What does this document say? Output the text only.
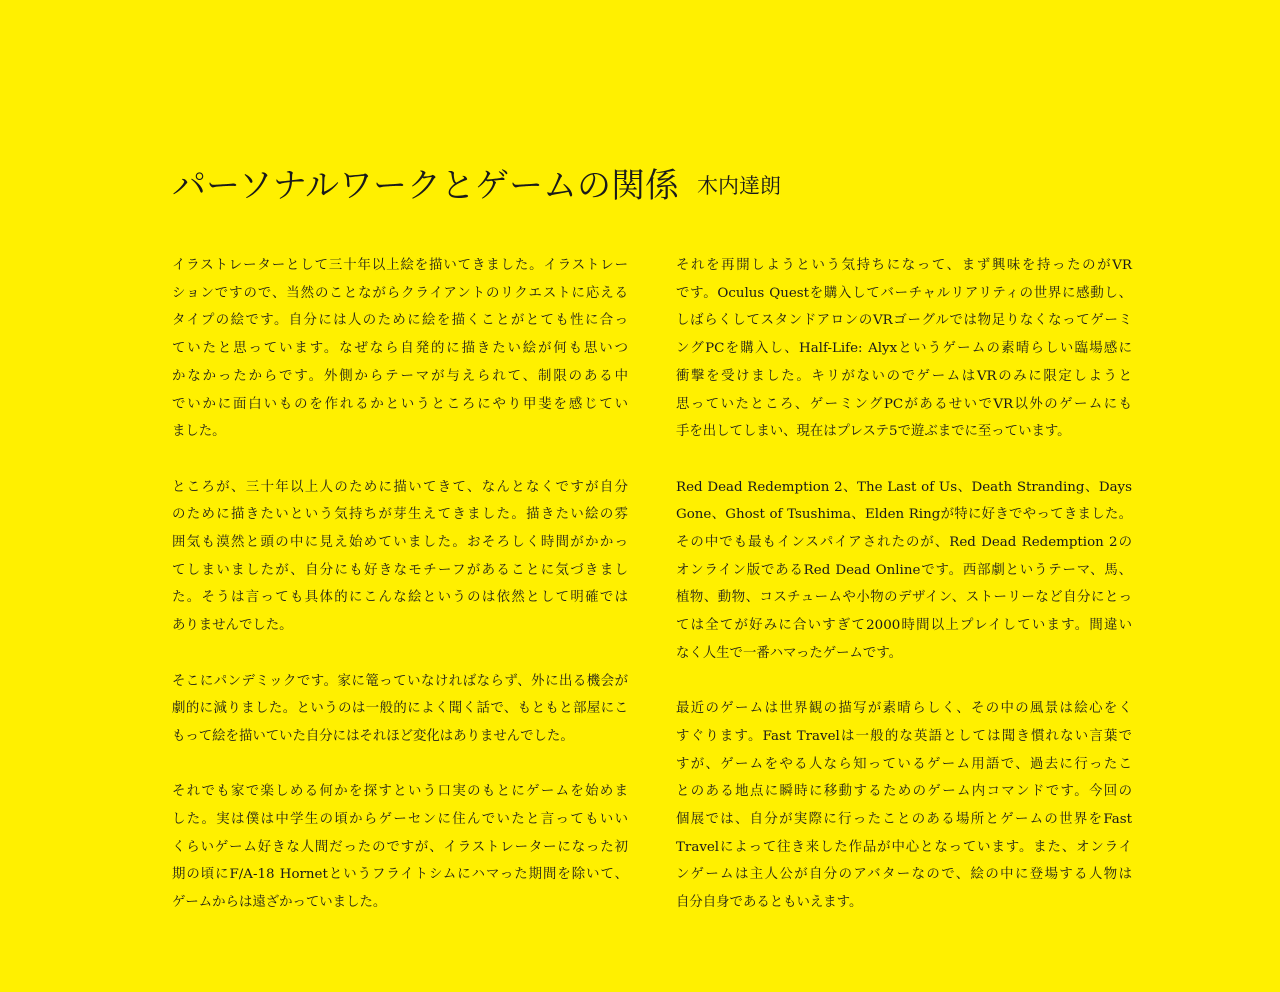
パーソナルワークとゲームの関係 木内達朗

イラストレーターとして三十年以上絵を描いてきました。イラストレー
ションですので、当然のことながらクライアントのリクエストに応える
タイプの絵です。自分には人のために絵を描くことがとても性に合っ
ていたと思っています。なぜなら自発的に描きたい絵が何も思いつ
かなかったからです。外側からテーマが与えられて、制限のある中
でいかに面白いものを作れるかというところにやり甲斐を感じてい
ました。

ところが、三十年以上人のために描いてきて、なんとなくですが自分
のために描きたいという気持ちが芽生えてきました。描きたい絵の雰
囲気も漠然と頭の中に見え始めていました。おそろしく時間がかかっ
てしまいましたが、自分にも好きなモチーフがあることに気づきまし
た。そうは言っても具体的にこんな絵というのは依然として明確では
ありませんでした。

そこにパンデミックです。家に篭っていなければならず、外に出る機会が
劇的に減りました。というのは一般的によく聞く話で、もともと部屋にこ
もって絵を描いていた自分にはそれほど変化はありませんでした。

それでも家で楽しめる何かを探すという口実のもとにゲームを始めま
した。実は僕は中学生の頃からゲーセンに住んでいたと言ってもいい
くらいゲーム好きな人間だったのですが、イラストレーターになった初
期の頃にF/A-18 Hornetというフライトシムにハマった期間を除いて、
ゲームからは遠ざかっていました。

それを再開しようという気持ちになって、まず興味を持ったのがVR
です。Oculus Questを購入してバーチャルリアリティの世界に感動し、
しばらくしてスタンドアロンのVRゴーグルでは物足りなくなってゲーミ
ングPCを購入し、Half-Life: Alyxというゲームの素晴らしい臨場感に
衝撃を受けました。キリがないのでゲームはVRのみに限定しようと
思っていたところ、ゲーミングPCがあるせいでVR以外のゲームにも
手を出してしまい、現在はプレステ5で遊ぶまでに至っています。

Red Dead Redemption 2、The Last of Us、Death Stranding、Days
Gone、Ghost of Tsushima、Elden Ringが特に好きでやってきました。
その中でも最もインスパイアされたのが、Red Dead Redemption 2の
オンライン版であるRed Dead Onlineです。西部劇というテーマ、馬、
植物、動物、コスチュームや小物のデザイン、ストーリーなど自分にとっ
ては全てが好みに合いすぎて2000時間以上プレイしています。間違い
なく人生で一番ハマったゲームです。

最近のゲームは世界観の描写が素晴らしく、その中の風景は絵心をく
すぐります。Fast Travelは一般的な英語としては聞き慣れない言葉で
すが、ゲームをやる人なら知っているゲーム用語で、過去に行ったこ
とのある地点に瞬時に移動するためのゲーム内コマンドです。今回の
個展では、自分が実際に行ったことのある場所とゲームの世界をFast
Travelによって往き来した作品が中心となっています。また、オンライ
ンゲームは主人公が自分のアバターなので、絵の中に登場する人物は
自分自身であるともいえます。
